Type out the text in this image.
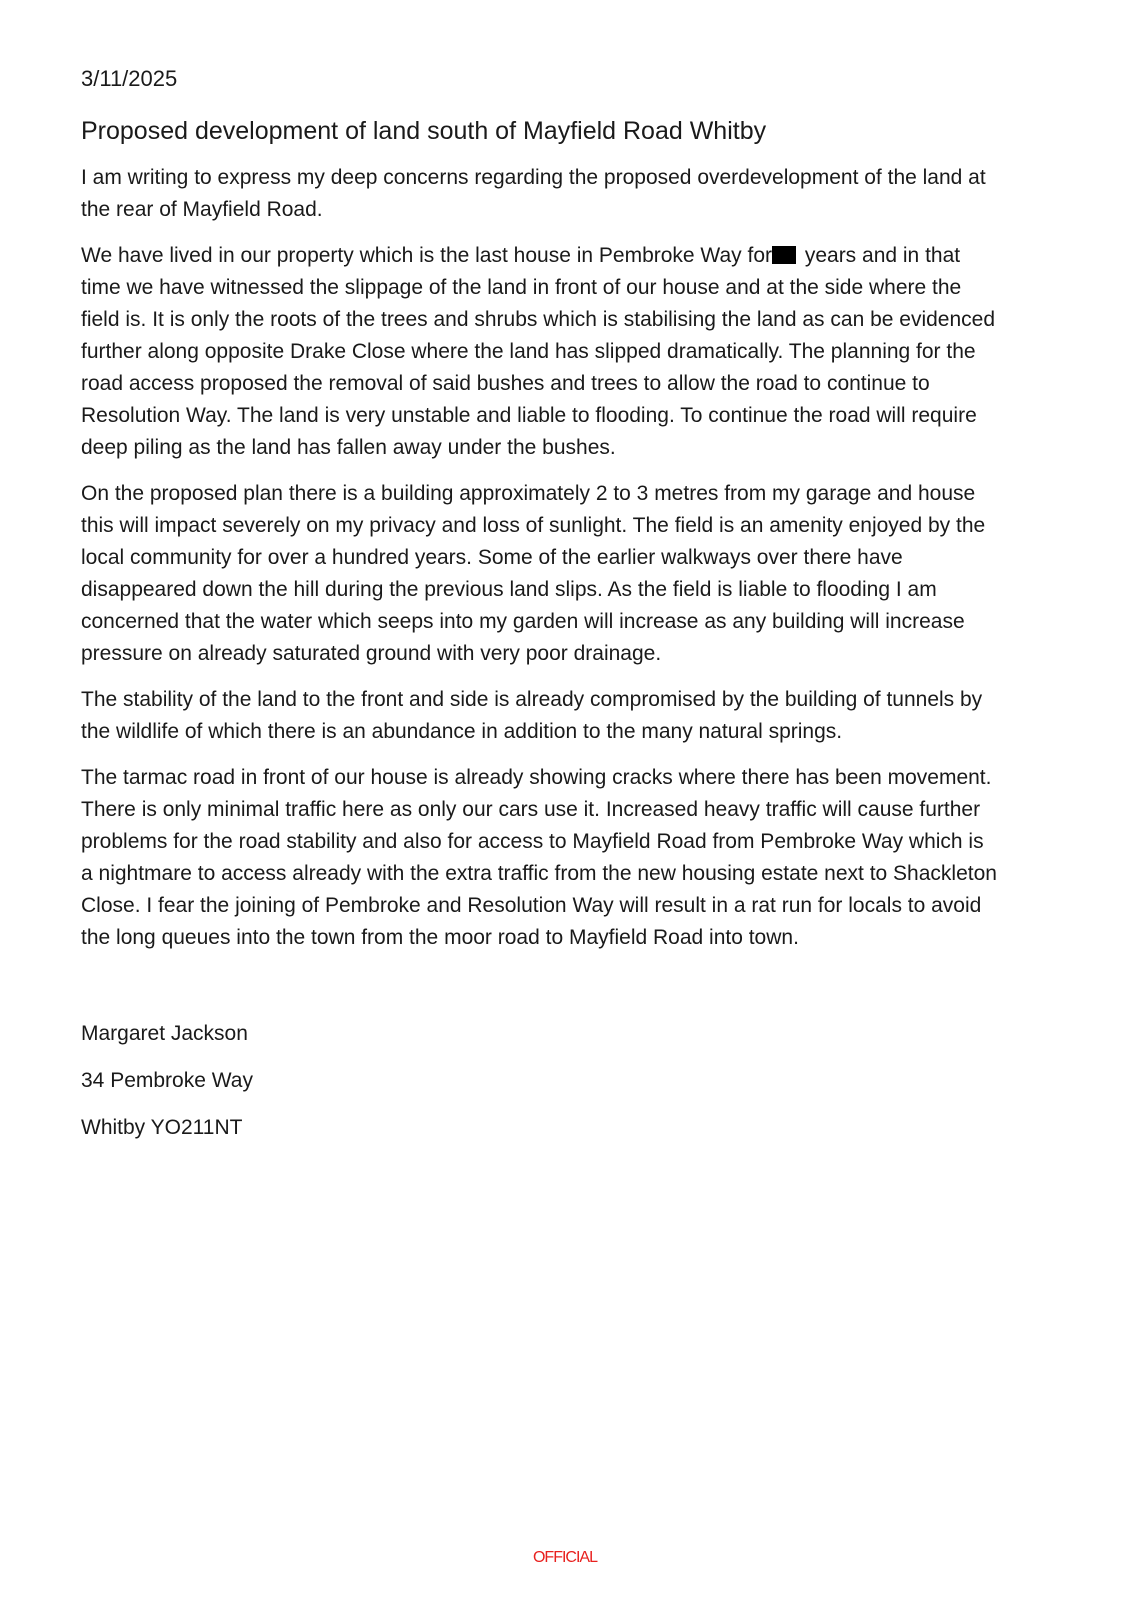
3/11/2025
Proposed development of land south of Mayfield Road Whitby

I am writing to express my deep concerns regarding the proposed overdevelopment of the land at the rear of Mayfield Road.

We have lived in our property which is the last house in Pembroke Way for years and in that time we have witnessed the slippage of the land in front of our house and at the side where the field is. It is only the roots of the trees and shrubs which is stabilising the land as can be evidenced further along opposite Drake Close where the land has slipped dramatically. The planning for the road access proposed the removal of said bushes and trees to allow the road to continue to Resolution Way. The land is very unstable and liable to flooding. To continue the road will require deep piling as the land has fallen away under the bushes.

On the proposed plan there is a building approximately 2 to 3 metres from my garage and house this will impact severely on my privacy and loss of sunlight. The field is an amenity enjoyed by the local community for over a hundred years. Some of the earlier walkways over there have disappeared down the hill during the previous land slips. As the field is liable to flooding I am concerned that the water which seeps into my garden will increase as any building will increase pressure on already saturated ground with very poor drainage.

The stability of the land to the front and side is already compromised by the building of tunnels by the wildlife of which there is an abundance in addition to the many natural springs.

The tarmac road in front of our house is already showing cracks where there has been movement. There is only minimal traffic here as only our cars use it. Increased heavy traffic will cause further problems for the road stability and also for access to Mayfield Road from Pembroke Way which is a nightmare to access already with the extra traffic from the new housing estate next to Shackleton Close. I fear the joining of Pembroke and Resolution Way will result in a rat run for locals to avoid the long queues into the town from the moor road to Mayfield Road into town.

Margaret Jackson
34 Pembroke Way
Whitby YO211NT
OFFICIAL
